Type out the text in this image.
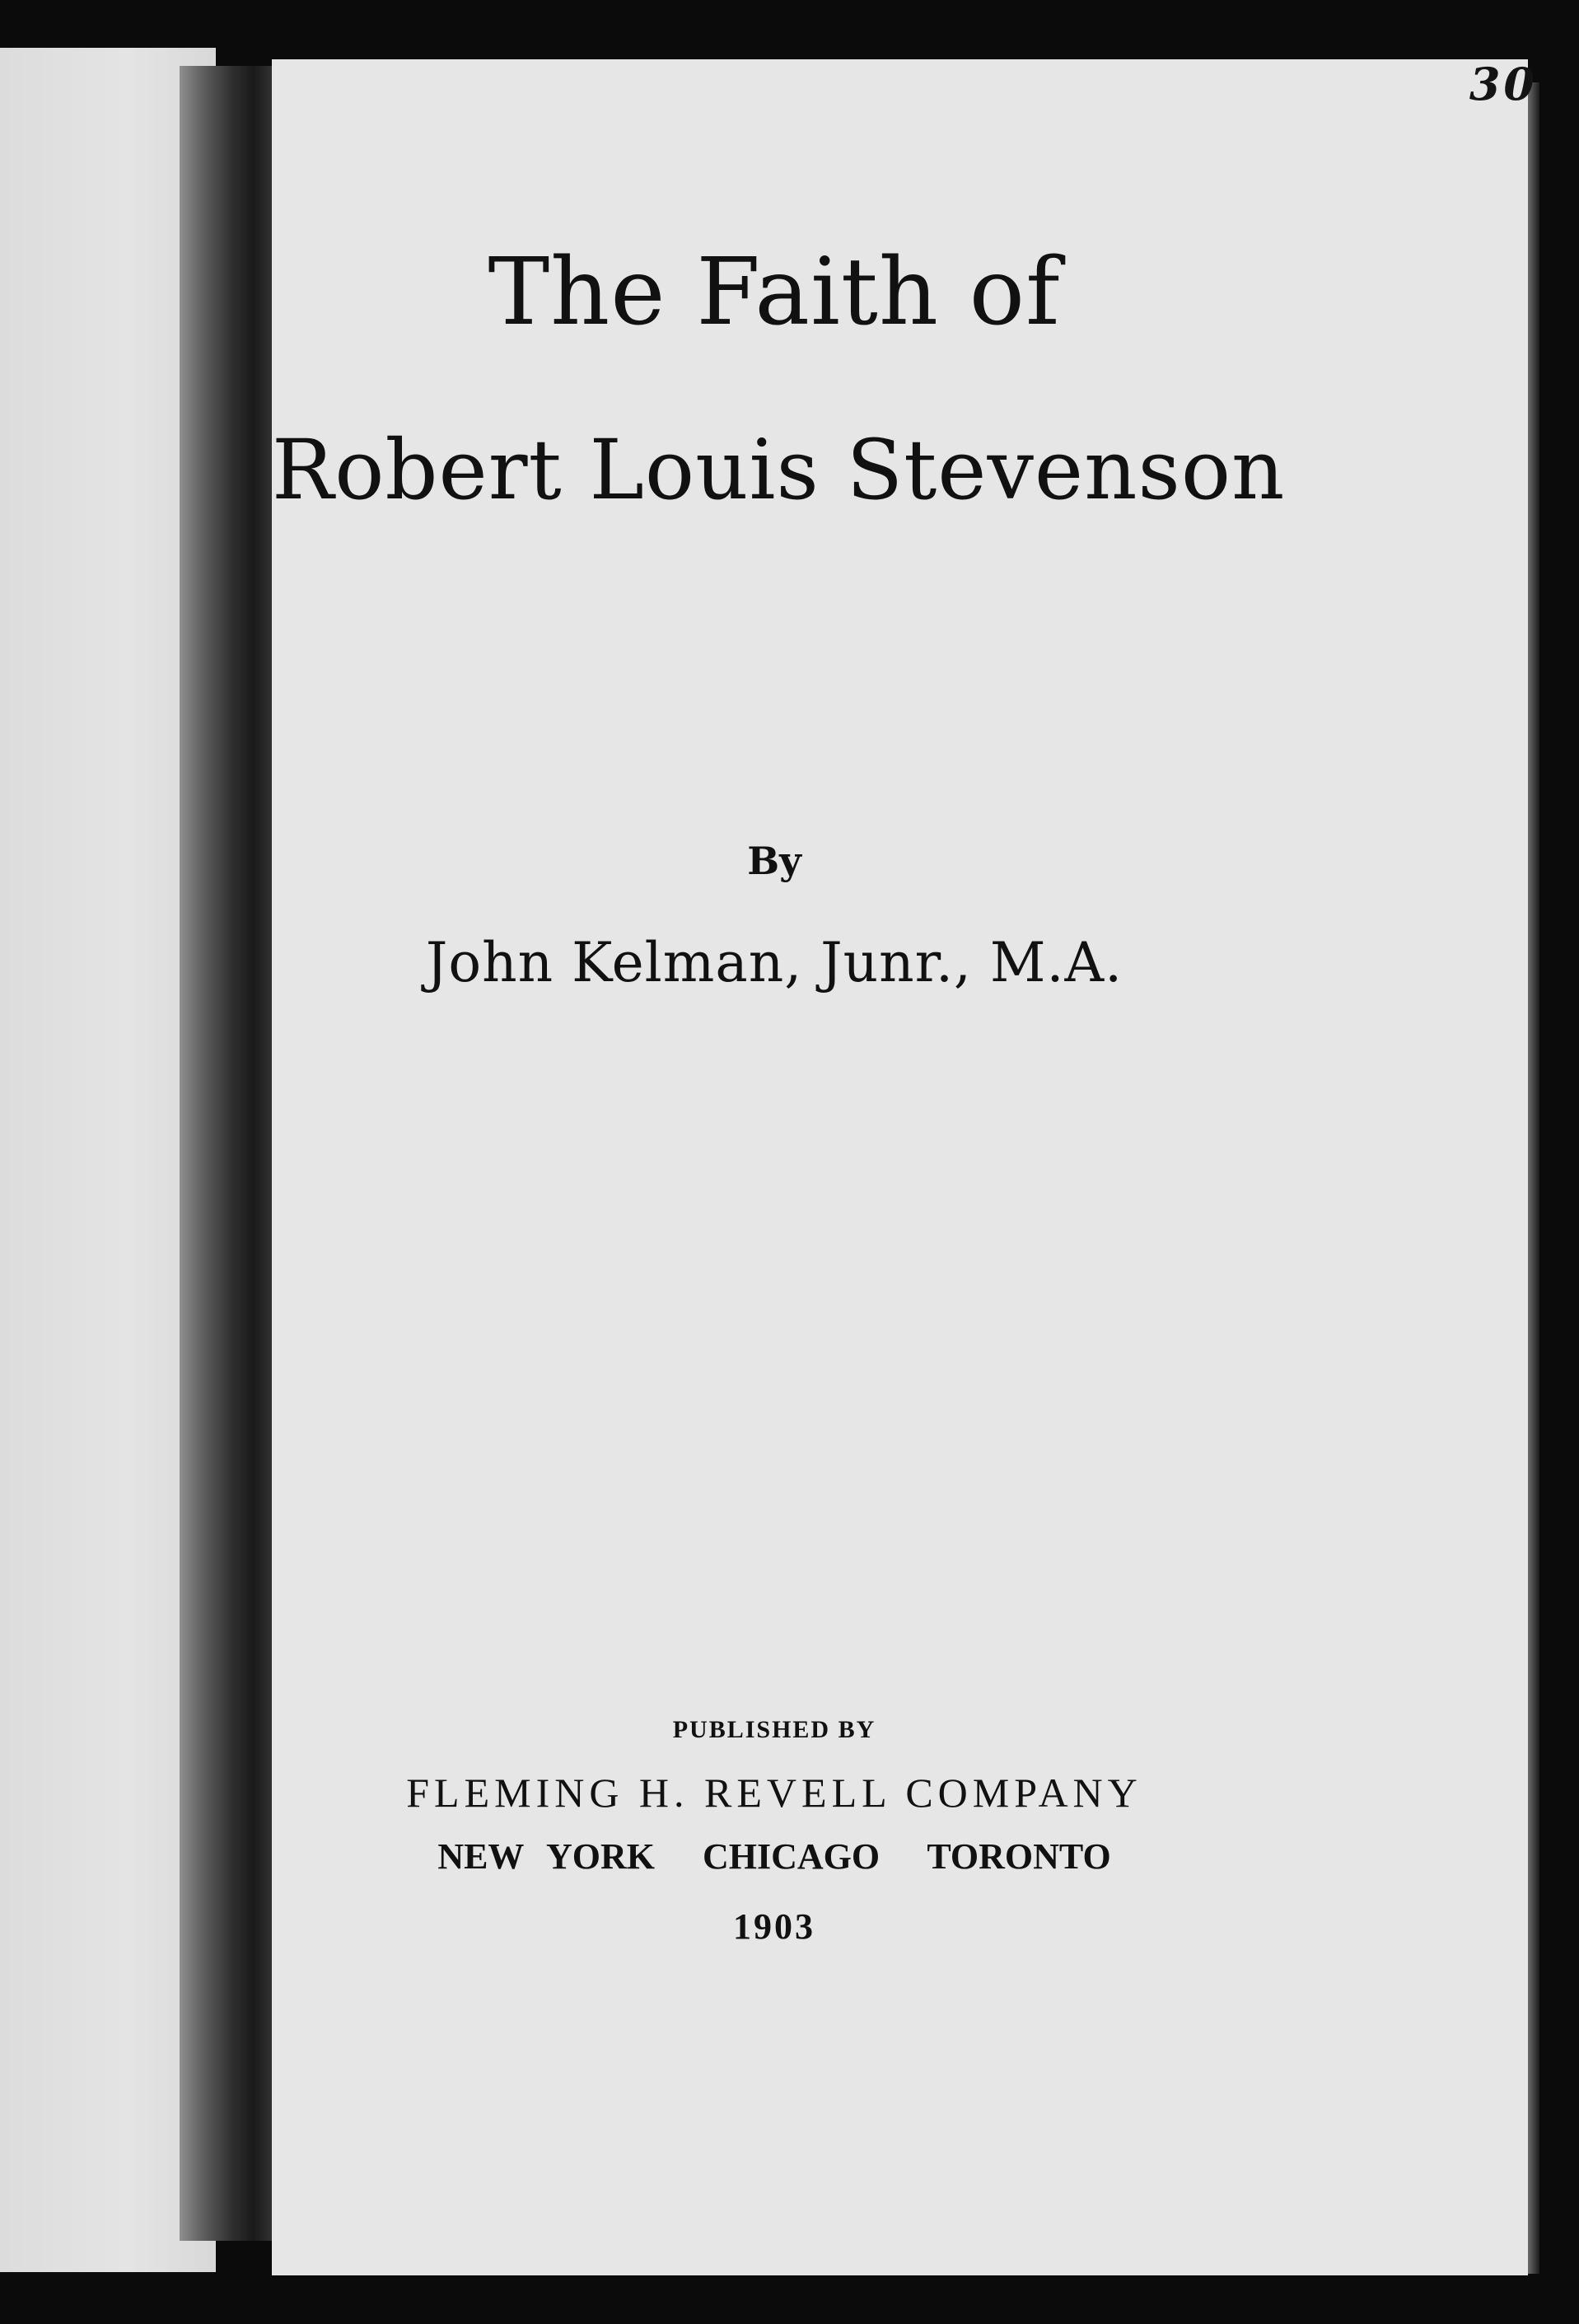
30
The Faith of
Robert Louis Stevenson
By
John Kelman, Junr., M.A.
PUBLISHED BY
FLEMING H. REVELL COMPANY
NEW YORK  CHICAGO  TORONTO
1903
